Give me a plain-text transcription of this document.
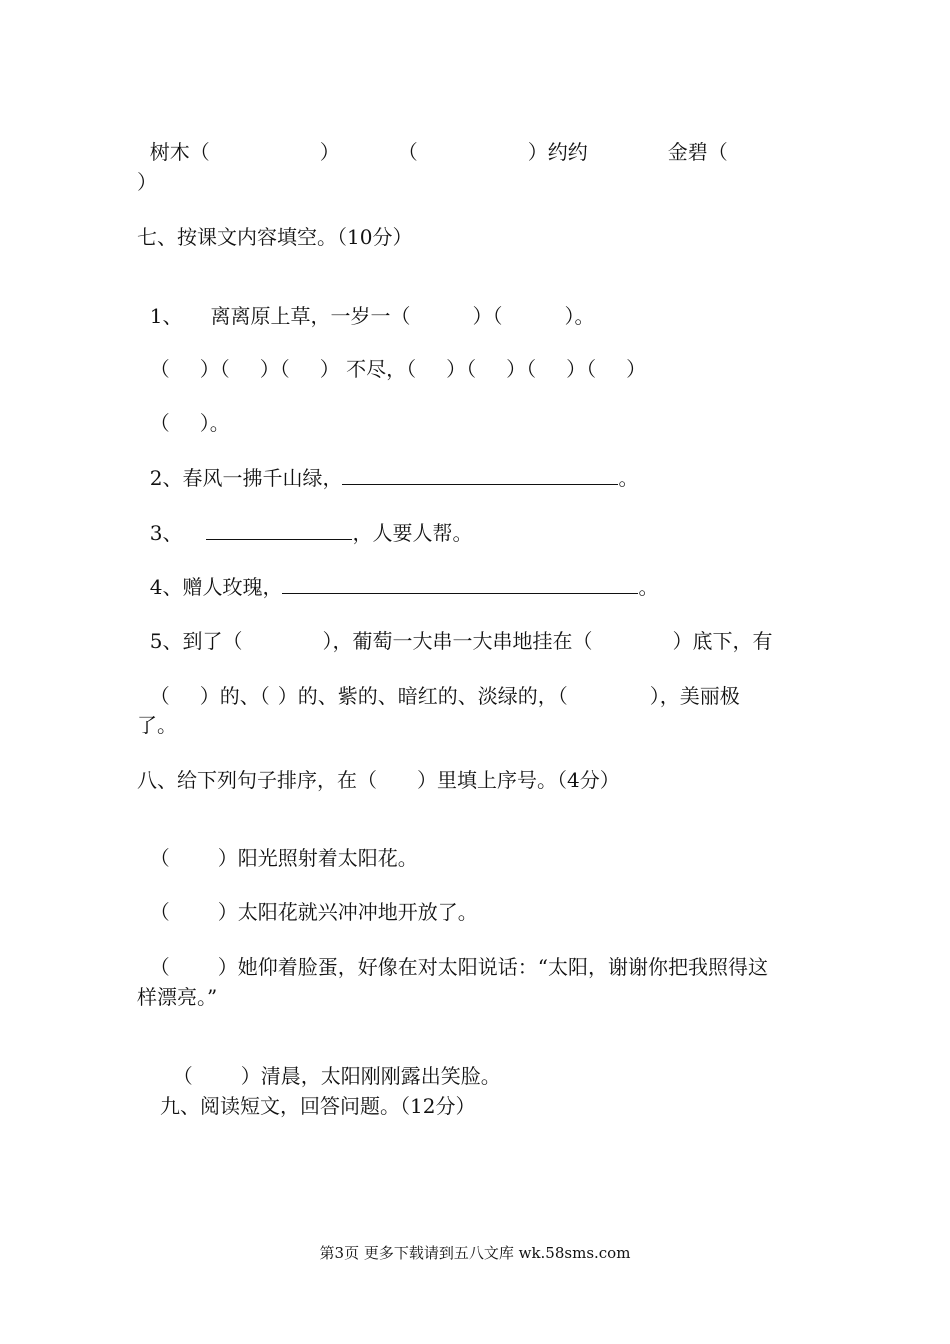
树木（	）	（	）约约	金碧（

）
七、按课文内容填空。（10分）

1、 离离原上草，一岁一（	）（	）。

（ ）（ ）（ ） 不尽，（ ）（ ）（ ）（ ）

（ ）。

2、春风一拂千山绿，	。

3、	，人要人帮。

4、赠人玫瑰，	。

5、到了（	），葡萄一大串一大串地挂在（	）底下，有

（ ）的、（ ）的、紫的、暗红的、淡绿的，（	），美丽极

了。
八、给下列句子排序，在（　　）里填上序号。（4分）

（ ）阳光照射着太阳花。

（ ）太阳花就兴冲冲地开放了。

（ ）她仰着脸蛋，好像在对太阳说话：“太阳，谢谢你把我照得这

样漂亮。”

（ ）清晨，太阳刚刚露出笑脸。

九、阅读短文，回答问题。（12分）
第3页 更多下载请到五八文库 wk.58sms.com
